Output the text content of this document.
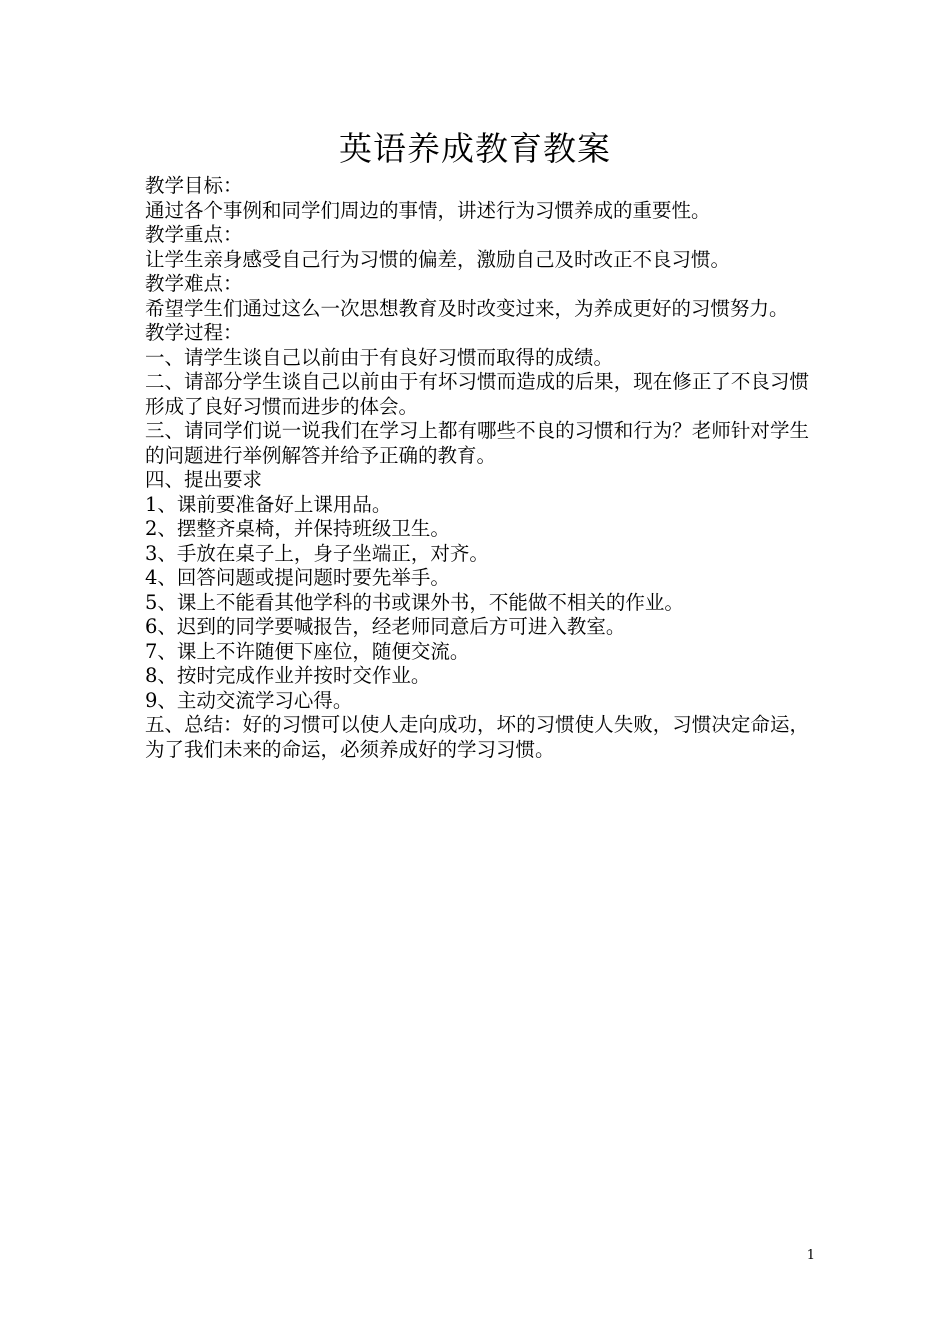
英语养成教育教案

教学目标：

通过各个事例和同学们周边的事情，讲述行为习惯养成的重要性。

教学重点：

让学生亲身感受自己行为习惯的偏差，激励自己及时改正不良习惯。

教学难点：

希望学生们通过这么一次思想教育及时改变过来，为养成更好的习惯努力。

教学过程：

一、请学生谈自己以前由于有良好习惯而取得的成绩。

二、请部分学生谈自己以前由于有坏习惯而造成的后果，现在修正了不良习惯形成了良好习惯而进步的体会。

三、请同学们说一说我们在学习上都有哪些不良的习惯和行为？老师针对学生的问题进行举例解答并给予正确的教育。

四、提出要求

1、课前要准备好上课用品。

2、摆整齐桌椅，并保持班级卫生。

3、手放在桌子上，身子坐端正，对齐。

4、回答问题或提问题时要先举手。

5、课上不能看其他学科的书或课外书，不能做不相关的作业。

6、迟到的同学要喊报告，经老师同意后方可进入教室。

7、课上不许随便下座位，随便交流。

8、按时完成作业并按时交作业。

9、主动交流学习心得。

五、总结：好的习惯可以使人走向成功，坏的习惯使人失败，习惯决定命运，为了我们未来的命运，必须养成好的学习习惯。

1
